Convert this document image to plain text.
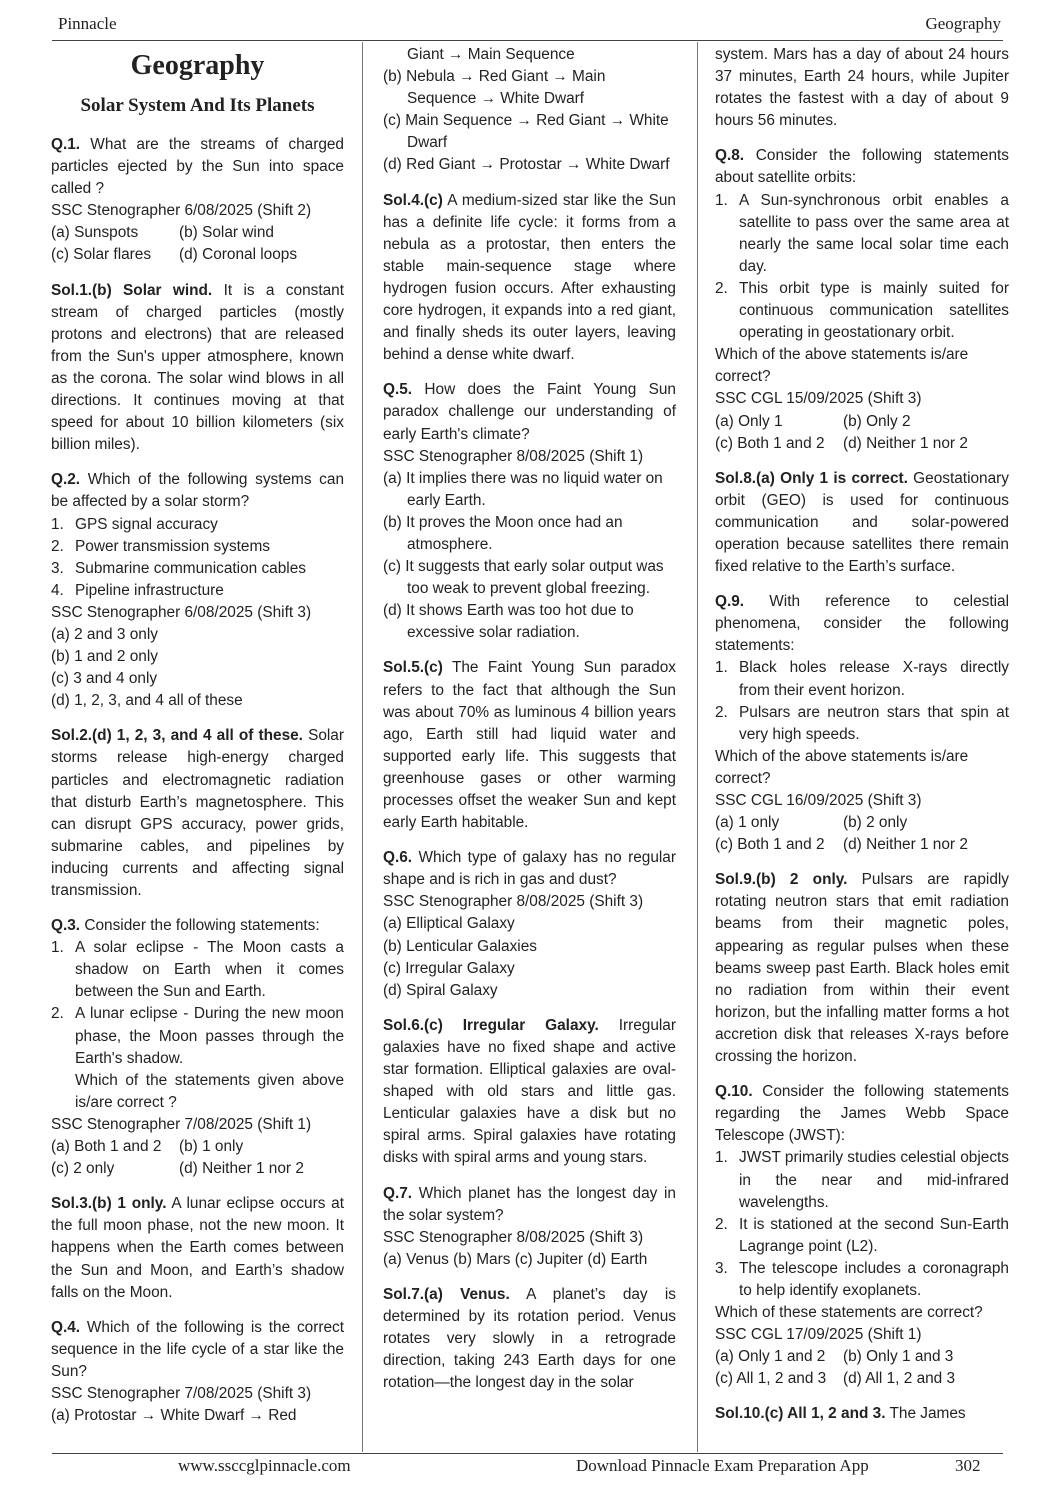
Pinnacle	Geography
Geography
Solar System And Its Planets

Q.1. What are the streams of charged particles ejected by the Sun into space called ?

SSC Stenographer 6/08/2025 (Shift 2)

(a) Sunspots	(b) Solar wind
(c) Solar flares	(d) Coronal loops

Sol.1.(b) Solar wind. It is a constant stream of charged particles (mostly protons and electrons) that are released from the Sun's upper atmosphere, known as the corona. The solar wind blows in all directions. It continues moving at that speed for about 10 billion kilometers (six billion miles).

Q.2. Which of the following systems can be affected by a solar storm?

1. GPS signal accuracy
2. Power transmission systems
3. Submarine communication cables
4. Pipeline infrastructure

SSC Stenographer 6/08/2025 (Shift 3)

(a) 2 and 3 only

(b) 1 and 2 only

(c) 3 and 4 only

(d) 1, 2, 3, and 4 all of these

Sol.2.(d) 1, 2, 3, and 4 all of these. Solar storms release high-energy charged particles and electromagnetic radiation that disturb Earth’s magnetosphere. This can disrupt GPS accuracy, power grids, submarine cables, and pipelines by inducing currents and affecting signal transmission.

Q.3. Consider the following statements:

1. A solar eclipse - The Moon casts a shadow on Earth when it comes between the Sun and Earth.
2. A lunar eclipse - During the new moon phase, the Moon passes through the Earth's shadow.

Which of the statements given above is/are correct ?

SSC Stenographer 7/08/2025 (Shift 1)

(a) Both 1 and 2	(b) 1 only
(c) 2 only	(d) Neither 1 nor 2

Sol.3.(b) 1 only. A lunar eclipse occurs at the full moon phase, not the new moon. It happens when the Earth comes between the Sun and Moon, and Earth’s shadow falls on the Moon.

Q.4. Which of the following is the correct sequence in the life cycle of a star like the Sun?

SSC Stenographer 7/08/2025 (Shift 3)

(a) Protostar → White Dwarf → Red

Giant → Main Sequence

(b) Nebula → Red Giant → Main Sequence → White Dwarf

(c) Main Sequence → Red Giant → White Dwarf

(d) Red Giant → Protostar → White Dwarf

Sol.4.(c) A medium-sized star like the Sun has a definite life cycle: it forms from a nebula as a protostar, then enters the stable main-sequence stage where hydrogen fusion occurs. After exhausting core hydrogen, it expands into a red giant, and finally sheds its outer layers, leaving behind a dense white dwarf.

Q.5. How does the Faint Young Sun paradox challenge our understanding of early Earth's climate?

SSC Stenographer 8/08/2025 (Shift 1)

(a) It implies there was no liquid water on early Earth.

(b) It proves the Moon once had an atmosphere.

(c) It suggests that early solar output was too weak to prevent global freezing.

(d) It shows Earth was too hot due to excessive solar radiation.

Sol.5.(c) The Faint Young Sun paradox refers to the fact that although the Sun was about 70% as luminous 4 billion years ago, Earth still had liquid water and supported early life. This suggests that greenhouse gases or other warming processes offset the weaker Sun and kept early Earth habitable.

Q.6. Which type of galaxy has no regular shape and is rich in gas and dust?

SSC Stenographer 8/08/2025 (Shift 3)

(a) Elliptical Galaxy

(b) Lenticular Galaxies

(c) Irregular Galaxy

(d) Spiral Galaxy

Sol.6.(c) Irregular Galaxy. Irregular galaxies have no fixed shape and active star formation. Elliptical galaxies are oval-shaped with old stars and little gas. Lenticular galaxies have a disk but no spiral arms. Spiral galaxies have rotating disks with spiral arms and young stars.

Q.7. Which planet has the longest day in the solar system?

SSC Stenographer 8/08/2025 (Shift 3)

(a) Venus (b) Mars (c) Jupiter (d) Earth

Sol.7.(a) Venus. A planet’s day is determined by its rotation period. Venus rotates very slowly in a retrograde direction, taking 243 Earth days for one rotation—the longest day in the solar

system. Mars has a day of about 24 hours 37 minutes, Earth 24 hours, while Jupiter rotates the fastest with a day of about 9 hours 56 minutes.

Q.8. Consider the following statements about satellite orbits:

1. A Sun-synchronous orbit enables a satellite to pass over the same area at nearly the same local solar time each day.
2. This orbit type is mainly suited for continuous communication satellites operating in geostationary orbit.

Which of the above statements is/are correct?

SSC CGL 15/09/2025 (Shift 3)

(a) Only 1	(b) Only 2
(c) Both 1 and 2	(d) Neither 1 nor 2

Sol.8.(a) Only 1 is correct. Geostationary orbit (GEO) is used for continuous communication and solar-powered operation because satellites there remain fixed relative to the Earth’s surface.

Q.9. With reference to celestial phenomena, consider the following statements:

1. Black holes release X-rays directly from their event horizon.
2. Pulsars are neutron stars that spin at very high speeds.

Which of the above statements is/are correct?

SSC CGL 16/09/2025 (Shift 3)

(a) 1 only	(b) 2 only
(c) Both 1 and 2	(d) Neither 1 nor 2

Sol.9.(b) 2 only. Pulsars are rapidly rotating neutron stars that emit radiation beams from their magnetic poles, appearing as regular pulses when these beams sweep past Earth. Black holes emit no radiation from within their event horizon, but the infalling matter forms a hot accretion disk that releases X-rays before crossing the horizon.

Q.10. Consider the following statements regarding the James Webb Space Telescope (JWST):

1. JWST primarily studies celestial objects in the near and mid-infrared wavelengths.
2. It is stationed at the second Sun-Earth Lagrange point (L2).
3. The telescope includes a coronagraph to help identify exoplanets.

Which of these statements are correct?

SSC CGL 17/09/2025 (Shift 1)

(a) Only 1 and 2	(b) Only 1 and 3
(c) All 1, 2 and 3	(d) All 1, 2 and 3

Sol.10.(c) All 1, 2 and 3. The James

www.ssccglpinnacle.com	Download Pinnacle Exam Preparation App	302
